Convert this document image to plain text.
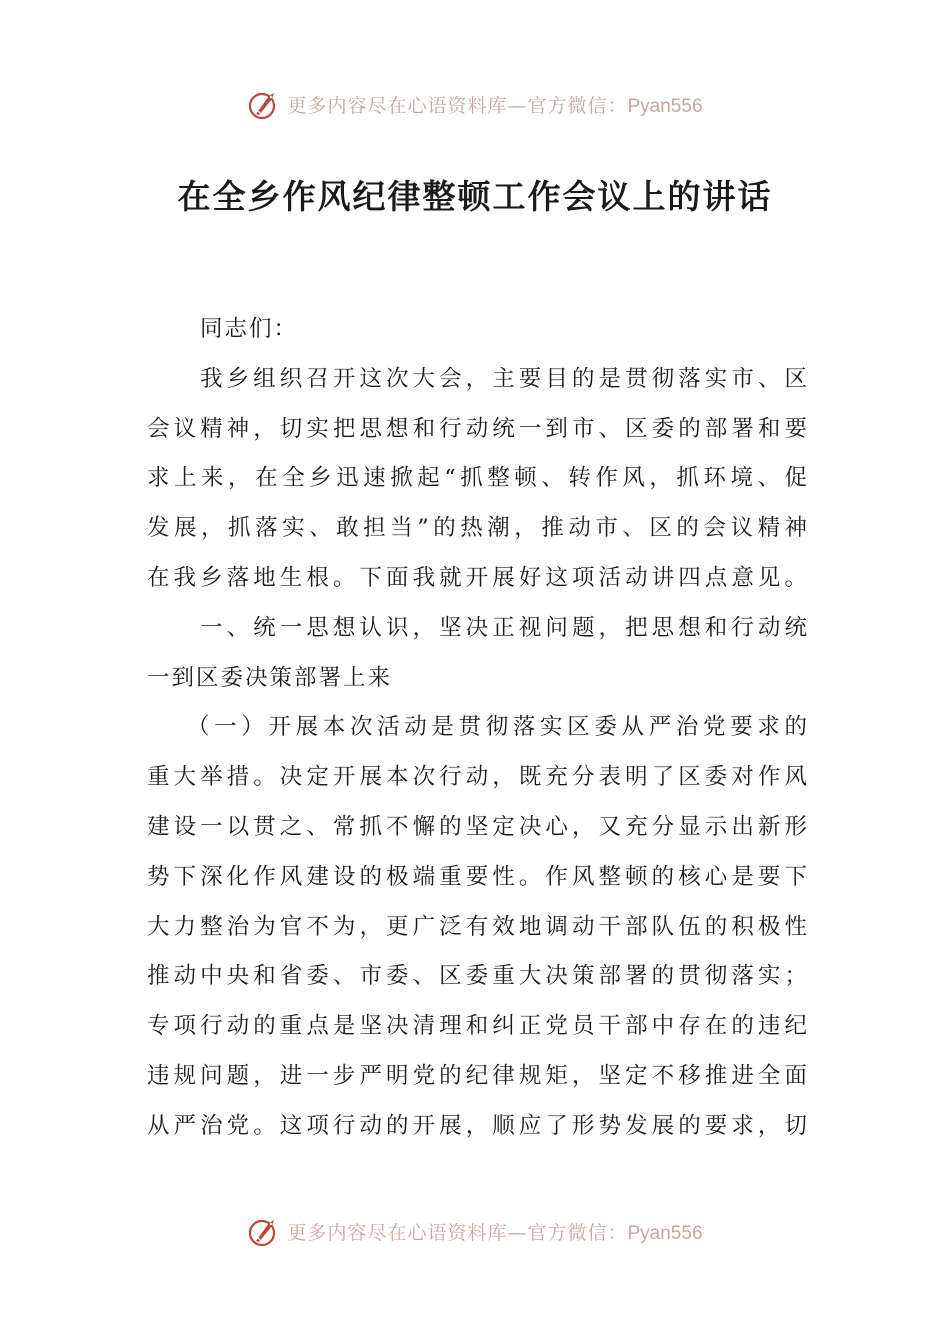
更多内容尽在心语资料库—官方微信：Pyan556
在全乡作风纪律整顿工作会议上的讲话
同志们：
我乡组织召开这次大会，主要目的是贯彻落实市、区
会议精神，切实把思想和行动统一到市、区委的部署和要
求上来，在全乡迅速掀起“抓整顿、转作风，抓环境、促
发展，抓落实、敢担当”的热潮，推动市、区的会议精神
在我乡落地生根。下面我就开展好这项活动讲四点意见。
一、统一思想认识，坚决正视问题，把思想和行动统
一到区委决策部署上来
（一）开展本次活动是贯彻落实区委从严治党要求的
重大举措。决定开展本次行动，既充分表明了区委对作风
建设一以贯之、常抓不懈的坚定决心，又充分显示出新形
势下深化作风建设的极端重要性。作风整顿的核心是要下
大力整治为官不为，更广泛有效地调动干部队伍的积极性
推动中央和省委、市委、区委重大决策部署的贯彻落实；
专项行动的重点是坚决清理和纠正党员干部中存在的违纪
违规问题，进一步严明党的纪律规矩，坚定不移推进全面
从严治党。这项行动的开展，顺应了形势发展的要求，切
更多内容尽在心语资料库—官方微信：Pyan556
